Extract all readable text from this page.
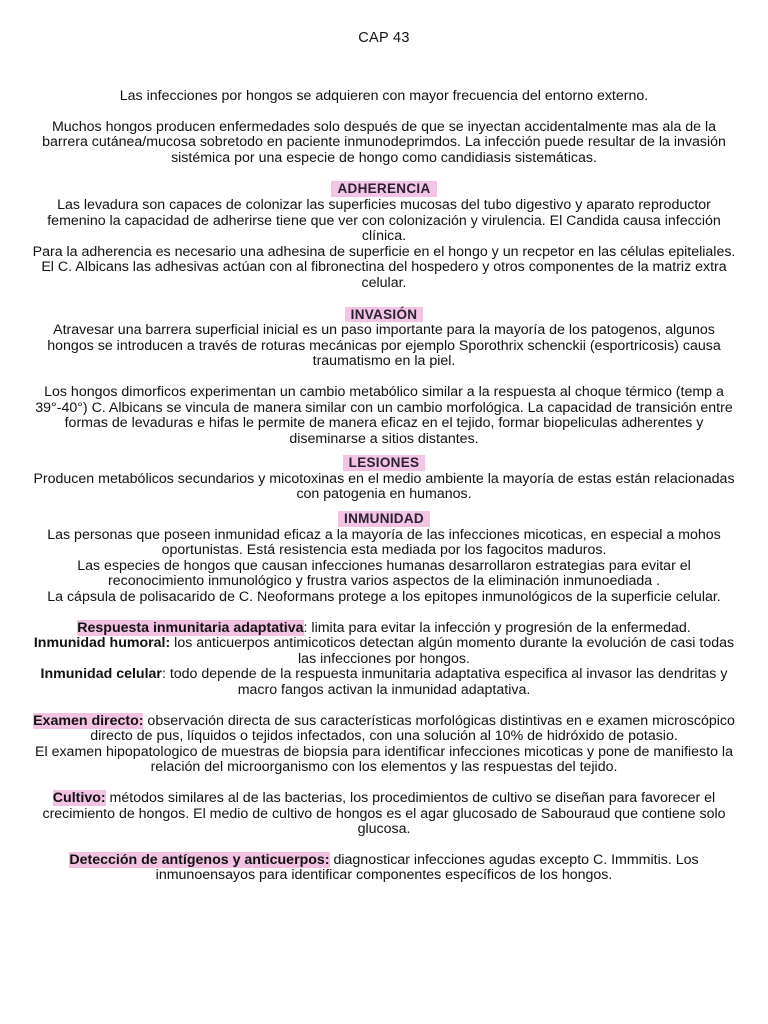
CAP 43

Las infecciones por hongos se adquieren con mayor frecuencia del entorno externo.

Muchos hongos producen enfermedades solo después de que se inyectan accidentalmente mas ala de la barrera cutánea/mucosa sobretodo en paciente inmunodeprimdos. La infección puede resultar de la invasión sistémica por una especie de hongo como candidiasis sistemáticas.

ADHERENCIA

Las levadura son capaces de colonizar las superficies mucosas del tubo digestivo y aparato reproductor femenino la capacidad de adherirse tiene que ver con colonización y virulencia. El Candida causa infección clínica.

Para la adherencia es necesario una adhesina de superficie en el hongo y un recpetor en las células epiteliales.

El C. Albicans las adhesivas actúan con al fibronectina del hospedero y otros componentes de la matriz extra celular.

INVASIÓN

Atravesar una barrera superficial inicial es un paso importante para la mayoría de los patogenos, algunos hongos se introducen a través de roturas mecánicas por ejemplo Sporothrix schenckii (esportricosis) causa traumatismo en la piel.

Los hongos dimorficos experimentan un cambio metabólico similar a la respuesta al choque térmico (temp a 39°-40°) C. Albicans se vincula de manera similar con un cambio morfológica. La capacidad de transición entre formas de levaduras e hifas le permite de manera eficaz en el tejido, formar biopeliculas adherentes y diseminarse a sitios distantes.

LESIONES

Producen metabólicos secundarios y micotoxinas en el medio ambiente la mayoría de estas están relacionadas con patogenia en humanos.

INMUNIDAD

Las personas que poseen inmunidad eficaz a la mayoría de las infecciones micoticas, en especial a mohos oportunistas. Está resistencia esta mediada por los fagocitos maduros.

Las especies de hongos que causan infecciones humanas desarrollaron estrategias para evitar el reconocimiento inmunológico y frustra varios aspectos de la eliminación inmunoediada .

La cápsula de polisacarido de C. Neoformans protege a los epitopes inmunológicos de la superficie celular.

Respuesta inmunitaria adaptativa: limita para evitar la infección y progresión de la enfermedad.

Inmunidad humoral: los anticuerpos antimicoticos detectan algún momento durante la evolución de casi todas las infecciones por hongos.

Inmunidad celular: todo depende de la respuesta inmunitaria adaptativa especifica al invasor las dendritas y macro fangos activan la inmunidad adaptativa.

Examen directo: observación directa de sus características morfológicas distintivas en e examen microscópico directo de pus, líquidos o tejidos infectados, con una solución al 10% de hidróxido de potasio.

El examen hipopatologico de muestras de biopsia para identificar infecciones micoticas y pone de manifiesto la relación del microorganismo con los elementos y las respuestas del tejido.

Cultivo: métodos similares al de las bacterias, los procedimientos de cultivo se diseñan para favorecer el crecimiento de hongos. El medio de cultivo de hongos es el agar glucosado de Sabouraud que contiene solo glucosa.

Detección de antígenos y anticuerpos: diagnosticar infecciones agudas excepto C. Immmitis. Los inmunoensayos para identificar componentes específicos de los hongos.
